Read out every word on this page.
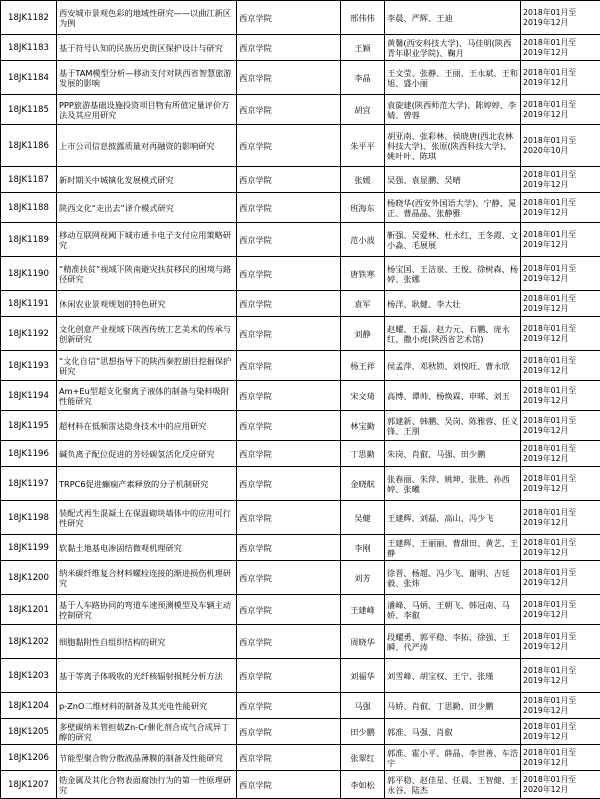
18JK1182	西安城市景观色彩的地域性研究——以曲江新区为例	西京学院	邢伟伟	李晨、严辉、王迪	2018年01月至
2019年12月

18JK1183	基于符号认知的民族历史街区保护设计与研究	西京学院	王颖	黄馨(西安科技大学)、马佳明(陕西青年职业学院)、鞠月	2018年01月至
2019年12月

18JK1184	基于TAM模型分析—移动支付对陕西省智慧旅游发展的影响	西京学院	李晶	王文莹、张静、王丽、王永斌、王和旭、盛小丽	2018年01月至
2019年12月

18JK1185	PPP旅游基础设施投资项目物有所值定量评价方法及其应用研究	西京学院	胡宜	袁旋建(陕西师范大学)、陈婷婷、李婧、曾蓉	2018年01月至
2019年12月

18JK1186	上市公司信息披露质量对再融资的影响研究	西京学院	朱平平	胡亚南、张彩林、侯晓唐(西北农林科技大学)、张原(陕西科技大学)、姚叶叶、陈琪	2018年01月至
2020年10月

18JK1187	新时期关中城镇化发展模式研究	西京学院	张媛	吴强、袁显鹏、吴晴	2018年01月至
2019年12月

18JK1188	陕西文化“走出去”译介模式研究	西京学院	班海东	杨晓华(西安外国语大学)、宁静、晁正、曹晶晶、张静雅	2018年01月至
2019年12月

18JK1189	移动互联网视阈下城市通卡电子支付应用策略研究	西京学院	范小波	靳强、吴爱林、杜永红、王冬霞、文小淼、毛展展	2018年01月至
2019年12月

18JK1190	“精准扶贫”视域下陕南避灾扶贫移民的困境与路径研究	西京学院	唐铁寒	杨宝国、王洁泉、王俊、徐树森、杨婷、张娜	2018年01月至
2019年12月

18JK1191	休闲农业景观规划的特色研究	西京学院	袁军	杨洋、耿健、李大壮	2018年01月至
2019年12月

18JK1192	文化创意产业视域下陕西传统工艺美术的传承与创新研究	西京学院	刘静	赵耀、王磊、赵力元、石鹏、庞永红、撒小虎(陕西省艺术馆)	2018年01月至
2019年12月

18JK1193	“文化自信”思想指导下的陕西秦腔剧目挖掘保护研究	西京学院	杨王祥	侯孟萍、邓秋锁、刘悦旺、曹永欣	2018年01月至
2019年12月

18JK1194	Am+Eu型超支化聚离子液体的制备与染料吸附性能研究	西京学院	宋文琦	高博、谭帅、杨焕霖、申晞、刘玉	2018年01月至
2019年12月

18JK1195	超材料在低频雷达隐身技术中的应用研究	西京学院	林宝勤	郭建新、韩鹏、吴岗、陈雅蓉、任义锋、王朋	2018年01月至
2019年12月

18JK1196	碱负离子配位促进的芳烃碳氢活化反应研究	西京学院	丁思勤	朱岗、肖叡、马强、田少鹏	2018年01月至
2019年12月

18JK1197	TRPC6促进癫痫产素释放的分子机制研究	西京学院	金晓航	张春丽、朱萍、姚坤、张胜、孙西婷、张曦	2018年01月至
2019年12月

18JK1198	装配式再生混凝土在保温砌块墙体中的应用可行性研究	西京学院	吴健	王建辉、刘磊、高山、冯少飞	2018年01月至
2019年12月

18JK1199	软黏土地基电渗固结微观机理研究	西京学院	李刚	王建辉、王丽丽、曹甜田、黄艺、王静	2018年01月至
2019年12月

18JK1200	纳米碳纤维复合材料螺栓连接的渐进损伤机理研究	西京学院	刘芳	徐晋、杨超、冯少飞、谢明、吉廷毅、张炜	2018年01月至
2019年12月

18JK1201	基于人车路协同的弯道车速预测模型及车辆主动控制研究	西京学院	王建峰	潘峰、马炳、王朝飞、韩冠南、马娇、李叡	2018年01月至
2019年12月

18JK1202	细胞黏附性自组织结构的研究	西京学院	周晓华	段耀勇、郭平稳、李拓、徐强、王瞬、代严涛	2018年01月至
2019年12月

18JK1203	基于等离子体吸收的光纤核辐射损耗分析方法	西京学院	刘福华	刘雪峰、胡宝权、王宁、张瑾	2018年01月至
2019年12月

18JK1204	p-ZnO二维材料的制备及其光电性能研究	西京学院	马强	马娇、肖叡、丁思勤、田少鹏	2018年01月至
2019年12月

18JK1205	多壁碳纳米管担载Zn-Cr催化剂合成气合成异丁醇的研究	西京学院	田少鹏	郭准、马强、肖叡	2018年01月至
2019年12月

18JK1206	节能型聚合物分散液晶薄膜的制备及性能研究	西京学院	张翠红	郭准、霍小平、薛晶、李世善、车浩宇	2018年01月至
2019年12月

18JK1207	锆金属及其化合物表面腐蚀行为的第一性原理研究	西京学院	李如松	郭平稳、赵佳星、任晨、王智健、王永谷、陆杰	2018年01月至
2020年12月
